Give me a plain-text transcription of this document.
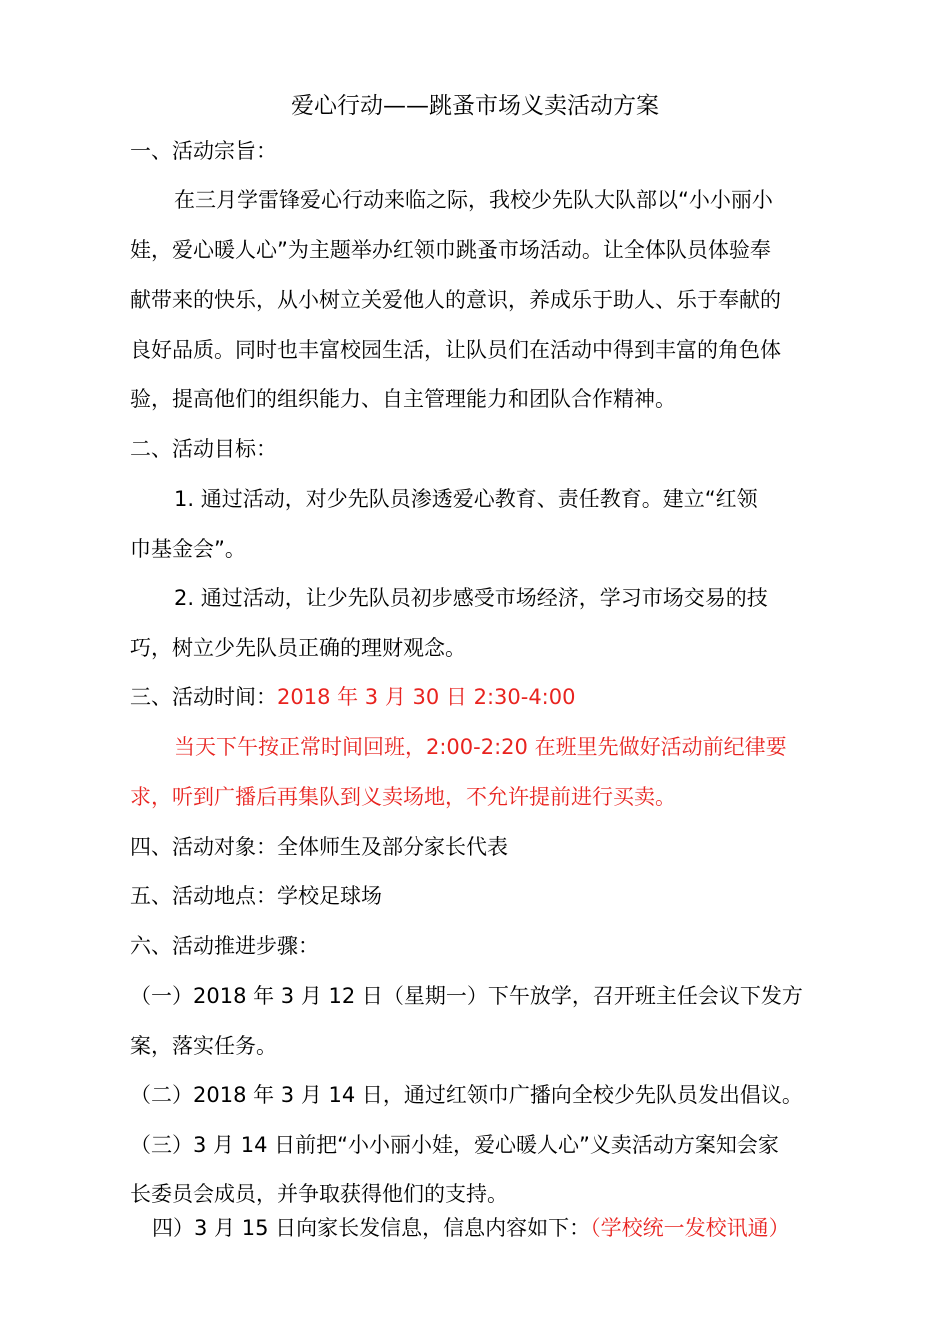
爱心行动——跳蚤市场义卖活动方案
一、活动宗旨：
在三月学雷锋爱心行动来临之际，我校少先队大队部以“小小丽小
娃，爱心暖人心”为主题举办红领巾跳蚤市场活动。让全体队员体验奉
献带来的快乐，从小树立关爱他人的意识，养成乐于助人、乐于奉献的
良好品质。同时也丰富校园生活，让队员们在活动中得到丰富的角色体
验，提高他们的组织能力、自主管理能力和团队合作精神。
二、活动目标：
1. 通过活动，对少先队员渗透爱心教育、责任教育。建立“红领
巾基金会”。
2. 通过活动，让少先队员初步感受市场经济，学习市场交易的技
巧，树立少先队员正确的理财观念。
三、活动时间：2018 年 3 月 30 日 2:30-4:00
当天下午按正常时间回班，2:00-2:20 在班里先做好活动前纪律要
求，听到广播后再集队到义卖场地，不允许提前进行买卖。
四、活动对象：全体师生及部分家长代表
五、活动地点：学校足球场
六、活动推进步骤：
（一）2018 年 3 月 12 日（星期一）下午放学，召开班主任会议下发方
案，落实任务。
（二）2018 年 3 月 14 日，通过红领巾广播向全校少先队员发出倡议。
（三）3 月 14 日前把“小小丽小娃，爱心暖人心”义卖活动方案知会家
长委员会成员，并争取获得他们的支持。
四）3 月 15 日向家长发信息，信息内容如下：（学校统一发校讯通）
